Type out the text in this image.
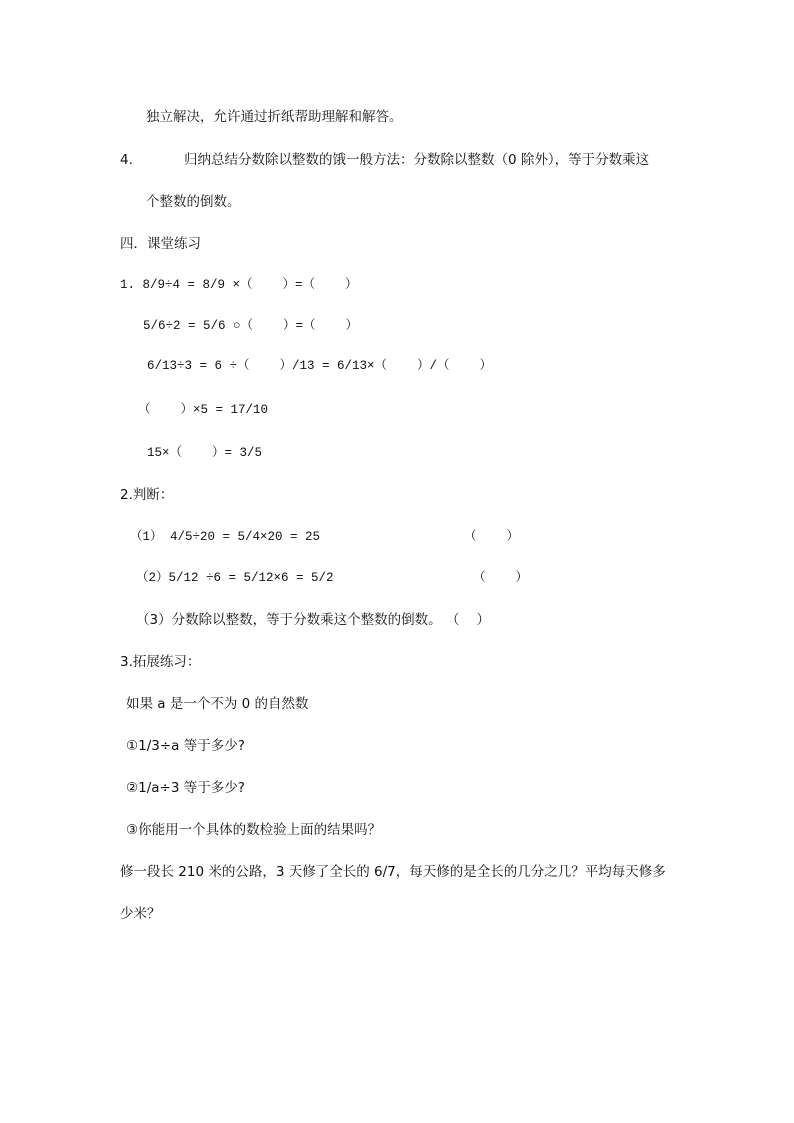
独立解决，允许通过折纸帮助理解和解答。
4.	归纳总结分数除以整数的饿一般方法：分数除以整数（0 除外），等于分数乘这
个整数的倒数。
四．课堂练习
1. 8/9÷4 = 8/9 ×（    ）=（    ）
5/6÷2 = 5/6 ○（    ）=（    ）
6/13÷3 = 6 ÷（    ）/13 = 6/13×（    ）/（    ）
（    ）×5 = 17/10
15×（    ）= 3/5
2.判断：
（1） 4/5÷20 = 5/4×20 = 25	（    ）
（2）5/12 ÷6 = 5/12×6 = 5/2	（    ）
（3）分数除以整数，等于分数乘这个整数的倒数。 （    ）
3.拓展练习：
如果 a 是一个不为 0 的自然数
①1/3÷a 等于多少?
②1/a÷3 等于多少?
③你能用一个具体的数检验上面的结果吗？
修一段长 210 米的公路，3 天修了全长的 6/7，每天修的是全长的几分之几？平均每天修多
少米？
